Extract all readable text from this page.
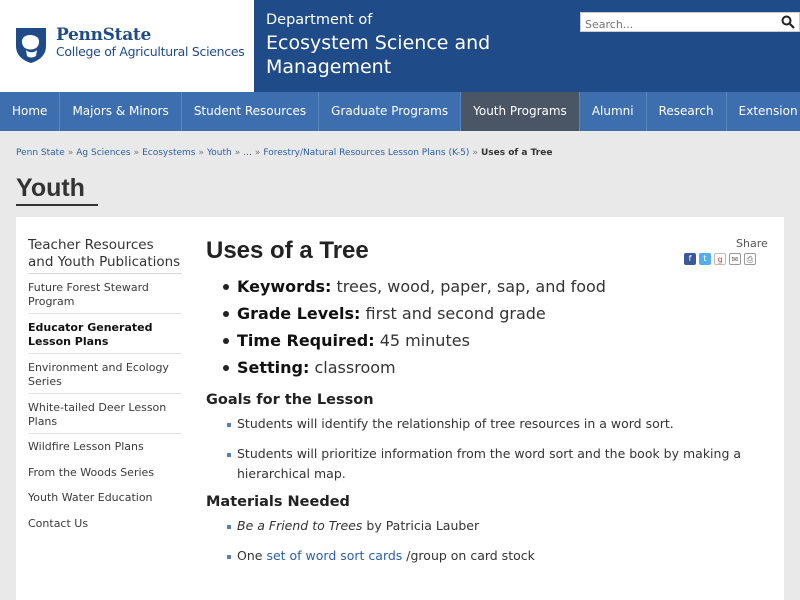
PennState
College of Agricultural Sciences
Department of
Ecosystem Science and Management
Search...
Home	Majors & Minors	Student Resources	Graduate Programs	Youth Programs	Alumni	Research	Extension
Penn State » Ag Sciences » Ecosystems » Youth » ... » Forestry/Natural Resources Lesson Plans (K-5) » Uses of a Tree
Youth
Teacher Resources and Youth Publications
Future Forest Steward Program
Educator Generated Lesson Plans
Environment and Ecology Series
White-tailed Deer Lesson Plans
Wildfire Lesson Plans
From the Woods Series
Youth Water Education
Contact Us
Uses of a Tree	Share
f	t	g	✉	⎙
Keywords: trees, wood, paper, sap, and food
Grade Levels: first and second grade
Time Required: 45 minutes
Setting: classroom
Goals for the Lesson
Students will identify the relationship of tree resources in a word sort.
Students will prioritize information from the word sort and the book by making a hierarchical map.
Materials Needed
Be a Friend to Trees by Patricia Lauber
One set of word sort cards /group on card stock
